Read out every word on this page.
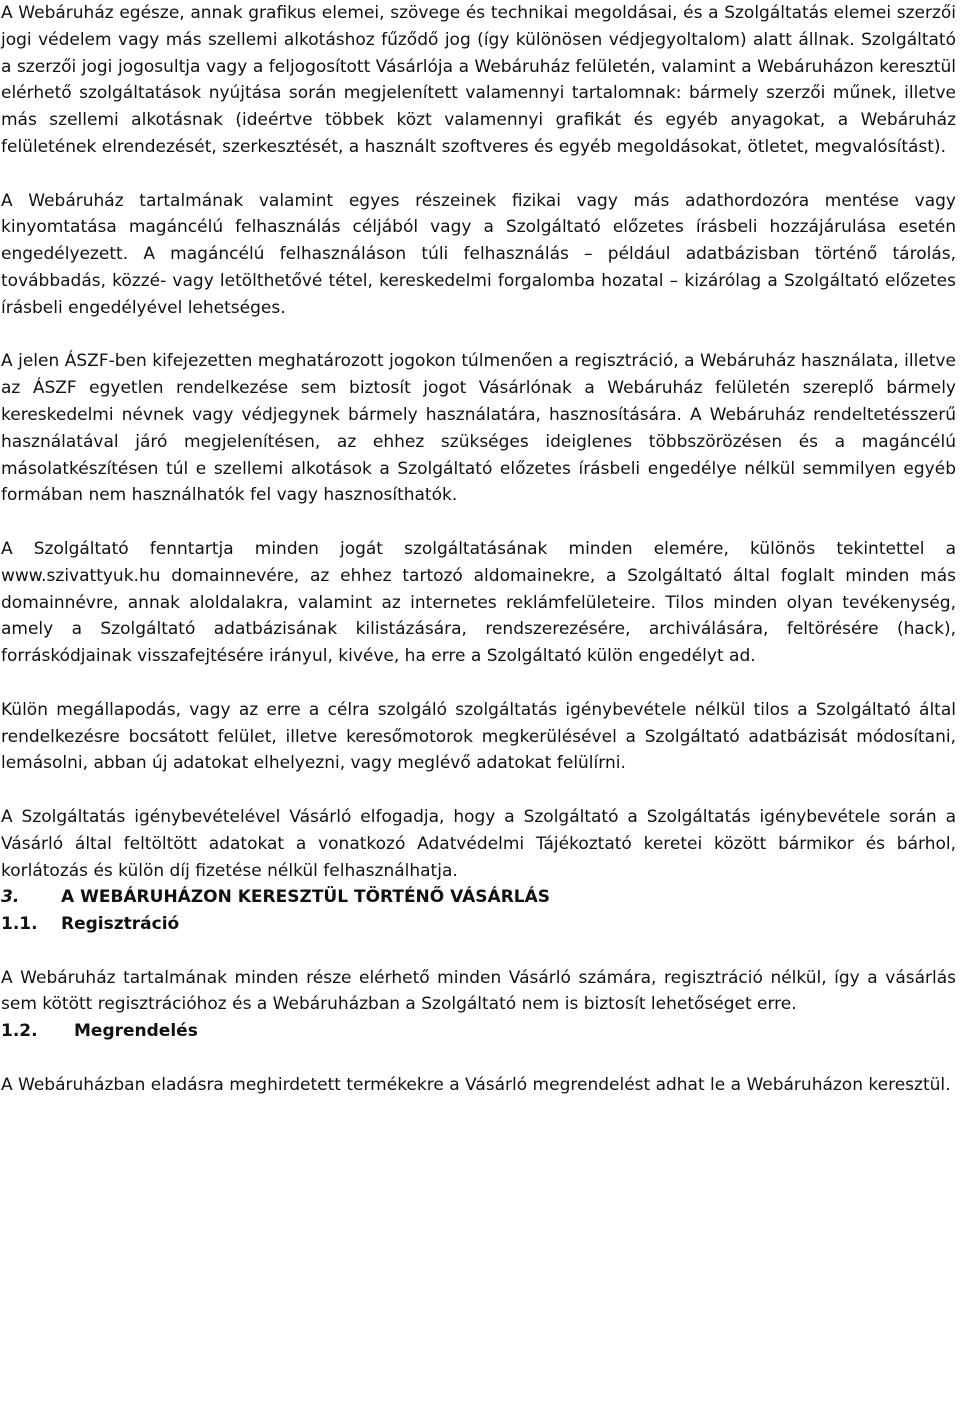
A Webáruház egésze, annak grafikus elemei, szövege és technikai megoldásai, és a Szolgáltatás elemei szerzői jogi védelem vagy más szellemi alkotáshoz fűződő jog (így különösen védjegyoltalom) alatt állnak. Szolgáltató a szerzői jogi jogosultja vagy a feljogosított Vásárlója a Webáruház felületén, valamint a Webáruházon keresztül elérhető szolgáltatások nyújtása során megjelenített valamennyi tartalomnak: bármely szerzői műnek, illetve más szellemi alkotásnak (ideértve többek közt valamennyi grafikát és egyéb anyagokat, a Webáruház felületének elrendezését, szerkesztését, a használt szoftveres és egyéb megoldásokat, ötletet, megvalósítást).

A Webáruház tartalmának valamint egyes részeinek fizikai vagy más adathordozóra mentése vagy kinyomtatása magáncélú felhasználás céljából vagy a Szolgáltató előzetes írásbeli hozzájárulása esetén engedélyezett. A magáncélú felhasználáson túli felhasználás – például adatbázisban történő tárolás, továbbadás, közzé- vagy letölthetővé tétel, kereskedelmi forgalomba hozatal – kizárólag a Szolgáltató előzetes írásbeli engedélyével lehetséges.

A jelen ÁSZF-ben kifejezetten meghatározott jogokon túlmenően a regisztráció, a Webáruház használata, illetve az ÁSZF egyetlen rendelkezése sem biztosít jogot Vásárlónak a Webáruház felületén szereplő bármely kereskedelmi névnek vagy védjegynek bármely használatára, hasznosítására. A Webáruház rendeltetésszerű használatával járó megjelenítésen, az ehhez szükséges ideiglenes többszörözésen és a magáncélú másolatkészítésen túl e szellemi alkotások a Szolgáltató előzetes írásbeli engedélye nélkül semmilyen egyéb formában nem használhatók fel vagy hasznosíthatók.

A Szolgáltató fenntartja minden jogát szolgáltatásának minden elemére, különös tekintettel a www.szivattyuk.hu domainnevére, az ehhez tartozó aldomainekre, a Szolgáltató által foglalt minden más domainnévre, annak aloldalakra, valamint az internetes reklámfelületeire. Tilos minden olyan tevékenység, amely a Szolgáltató adatbázisának kilistázására, rendszerezésére, archiválására, feltörésére (hack), forráskódjainak visszafejtésére irányul, kivéve, ha erre a Szolgáltató külön engedélyt ad.

Külön megállapodás, vagy az erre a célra szolgáló szolgáltatás igénybevétele nélkül tilos a Szolgáltató által rendelkezésre bocsátott felület, illetve keresőmotorok megkerülésével a Szolgáltató adatbázisát módosítani, lemásolni, abban új adatokat elhelyezni, vagy meglévő adatokat felülírni.

A Szolgáltatás igénybevételével Vásárló elfogadja, hogy a Szolgáltató a Szolgáltatás igénybevétele során a Vásárló által feltöltött adatokat a vonatkozó Adatvédelmi Tájékoztató keretei között bármikor és bárhol, korlátozás és külön díj fizetése nélkül felhasználhatja.

3.	A WEBÁRUHÁZON KERESZTÜL TÖRTÉNŐ VÁSÁRLÁS
1.1.	Regisztráció

A Webáruház tartalmának minden része elérhető minden Vásárló számára, regisztráció nélkül, így a vásárlás sem kötött regisztrációhoz és a Webáruházban a Szolgáltató nem is biztosít lehetőséget erre.

1.2.	Megrendelés

A Webáruházban eladásra meghirdetett termékekre a Vásárló megrendelést adhat le a Webáruházon keresztül.
